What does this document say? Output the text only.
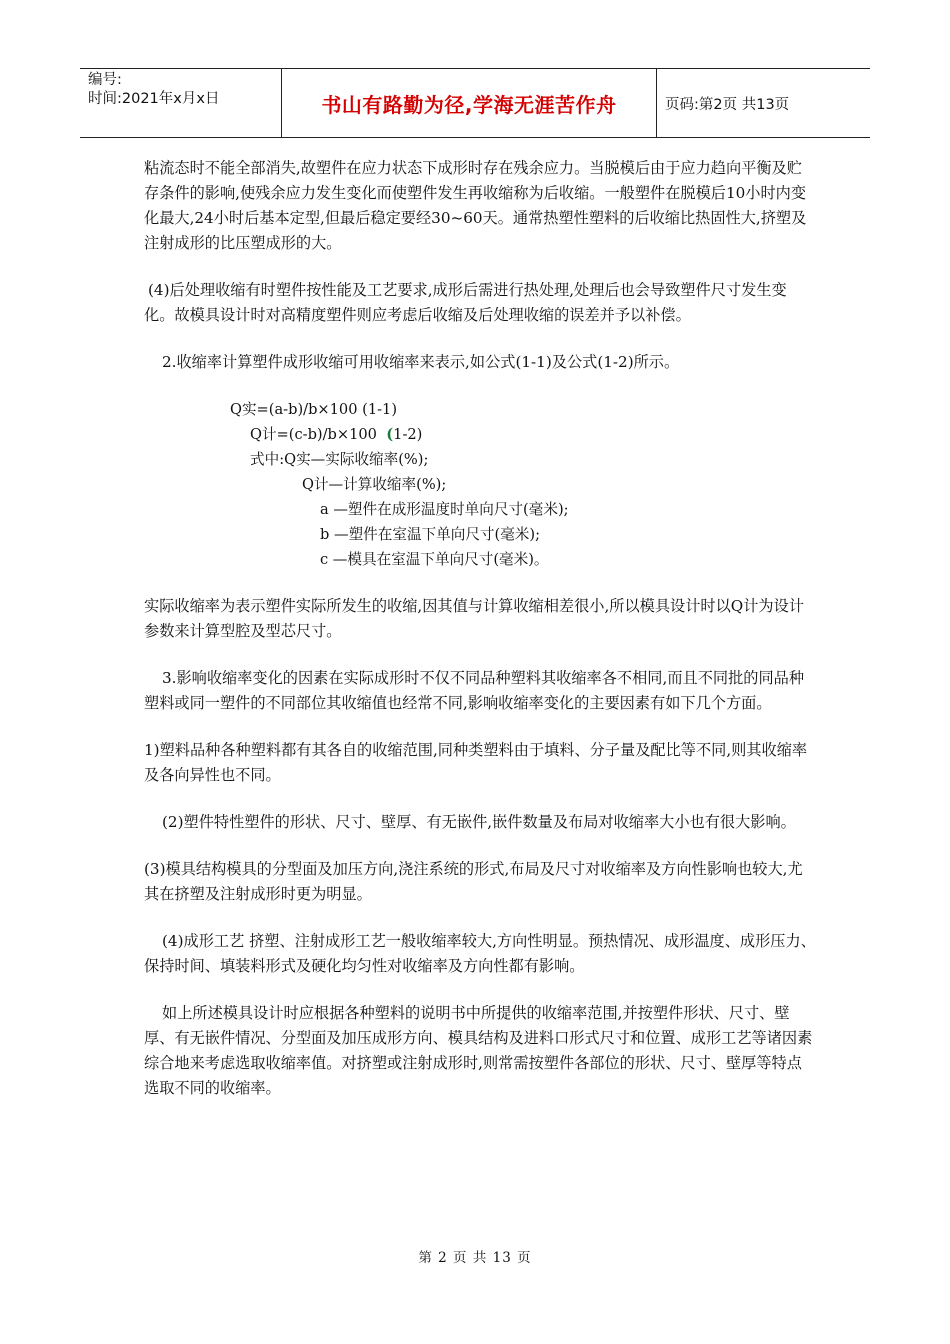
编号:
时间:2021年x月x日	书山有路勤为径,学海无涯苦作舟	页码:第2页 共13页

粘流态时不能全部消失,故塑件在应力状态下成形时存在残余应力。当脱模后由于应力趋向平衡及贮存条件的影响,使残余应力发生变化而使塑件发生再收缩称为后收缩。一般塑件在脱模后10小时内变化最大,24小时后基本定型,但最后稳定要经30~60天。通常热塑性塑料的后收缩比热固性大,挤塑及注射成形的比压塑成形的大。

(4)后处理收缩有时塑件按性能及工艺要求,成形后需进行热处理,处理后也会导致塑件尺寸发生变化。故模具设计时对高精度塑件则应考虑后收缩及后处理收缩的误差并予以补偿。

2.收缩率计算塑件成形收缩可用收缩率来表示,如公式(1-1)及公式(1-2)所示。

Q实=(a-b)/b×100 (1-1)
Q计=(c-b)/b×100  (1-2)
式中:Q实—实际收缩率(%);
Q计—计算收缩率(%);
a —塑件在成形温度时单向尺寸(毫米);
b —塑件在室温下单向尺寸(毫米);
c —模具在室温下单向尺寸(毫米)。

实际收缩率为表示塑件实际所发生的收缩,因其值与计算收缩相差很小,所以模具设计时以Q计为设计参数来计算型腔及型芯尺寸。

3.影响收缩率变化的因素在实际成形时不仅不同品种塑料其收缩率各不相同,而且不同批的同品种塑料或同一塑件的不同部位其收缩值也经常不同,影响收缩率变化的主要因素有如下几个方面。

1)塑料品种各种塑料都有其各自的收缩范围,同种类塑料由于填料、分子量及配比等不同,则其收缩率及各向异性也不同。

(2)塑件特性塑件的形状、尺寸、壁厚、有无嵌件,嵌件数量及布局对收缩率大小也有很大影响。

(3)模具结构模具的分型面及加压方向,浇注系统的形式,布局及尺寸对收缩率及方向性影响也较大,尤其在挤塑及注射成形时更为明显。

(4)成形工艺 挤塑、注射成形工艺一般收缩率较大,方向性明显。预热情况、成形温度、成形压力、保持时间、填装料形式及硬化均匀性对收缩率及方向性都有影响。

如上所述模具设计时应根据各种塑料的说明书中所提供的收缩率范围,并按塑件形状、尺寸、壁厚、有无嵌件情况、分型面及加压成形方向、模具结构及进料口形式尺寸和位置、成形工艺等诸因素综合地来考虑选取收缩率值。对挤塑或注射成形时,则常需按塑件各部位的形状、尺寸、壁厚等特点选取不同的收缩率。

第 2 页 共 13 页
